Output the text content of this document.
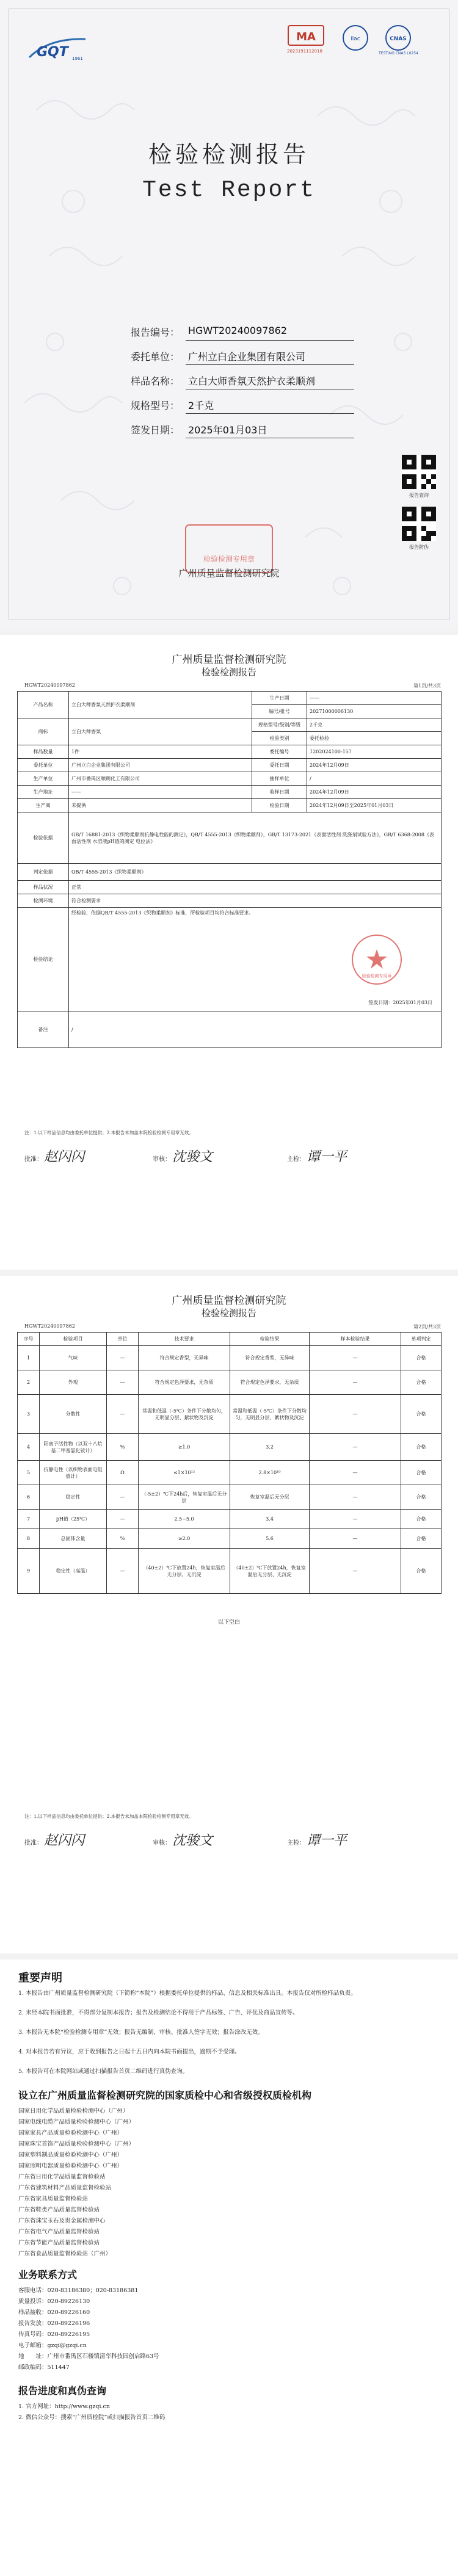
GQT 1961
MA	ilac	CNAS
2023191112018	TESTING CNAS L0254
检验检测报告
Test Report
报告编号： HGWT20240097862
委托单位： 广州立白企业集团有限公司
样品名称： 立白大师香氛天然护衣柔顺剂
规格型号： 2千克
签发日期： 2025年01月03日
报告查询
报告防伪
检验检测专用章
广州质量监督检测研究院
广州质量监督检测研究院
检验检测报告
HGWT20240097862	第1页/共3页
产品名称	立白大师香氛天然护衣柔顺剂	生产日期	——
		编号/批号	20271000006130
商标	立白大师香氛	规格型号/级别/等级	2千克
		检验类别	委托检验
样品数量	1件	委托编号	1202024100-157
委托单位	广州立白企业集团有限公司	委托日期	2024年12月09日
生产单位	广州市番禺区顺朗化工有限公司	抽样单位	/
生产地址	——	收样日期	2024年12月09日
生产商	未提供	检验日期	2024年12月09日至2025年01月03日
检验依据	GB/T 16881-2013《织物柔顺剂抗静电性能的测定》，QB/T 4555-2013《织物柔顺剂》，GB/T 13173-2021《表面活性剂 洗涤剂试验方法》，GB/T 6368-2008《表面活性剂 水溶液pH值的测定 电位法》		
判定依据	QB/T 4555-2013《织物柔顺剂》		
样品状况	正常		
检测环境	符合检测要求		
检验结论	经检验，依据QB/T 4555-2013《织物柔顺剂》标准，所检验项目均符合标准要求。
检验检测专用章
签发日期：2025年01月03日		

备注	/		
注：1.以下样品信息均由委托单位提供；2.本报告未加盖本院检验检测专用章无效。
批准： 赵闪闪	审核： 沈骏文	主检： 谭一平
广州质量监督检测研究院
检验检测报告
HGWT20240097862	第2页/共3页
序号	检验项目	单位	技术要求	检验结果	样本检验结果	单项判定
1	气味	—	符合规定香型，无异味	符合规定香型，无异味	—	合格
2	外观	—	符合规定色泽要求，无杂质	符合规定色泽要求，无杂质	—	合格
3	分散性	—	常温和低温（-5℃）条件下分散均匀，无明显分层、絮状物及沉淀	常温和低温（-5℃）条件下分散均匀，无明显分层、絮状物及沉淀	—	合格
4	阳离子活性物（以双十八烷基二甲基氯化铵计）	%	≥1.0	3.2	—	合格
5	抗静电性（以织物表面电阻值计）	Ω	≤1×10¹²	2.8×10¹⁰	—	合格
6	稳定性	—	（-5±2）℃下24h后，恢复室温后无分层	恢复室温后无分层	—	合格
7	pH值（25℃）	—	2.5~5.0	3.4	—	合格
8	总固体含量	%	≥2.0	5.6	—	合格
9	稳定性（高温）	—	（40±2）℃下放置24h，恢复室温后无分层、无沉淀	（40±2）℃下放置24h，恢复室温后无分层、无沉淀	—	合格
以下空白
注：1.以下样品信息均由委托单位提供；2.本报告未加盖本院检验检测专用章无效。
批准： 赵闪闪	审核： 沈骏文	主检： 谭一平
重要声明
1. 本报告由广州质量监督检测研究院（下简称“本院”）根据委托单位提供的样品、信息及相关标准出具。本报告仅对所检样品负责。
2. 未经本院书面批准，不得部分复制本报告；报告及检测结论不得用于产品标签、广告、评优及商品宣传等。
3. 本报告无本院“检验检测专用章”无效；报告无编制、审核、批准人签字无效；报告涂改无效。
4. 对本报告若有异议，应于收到报告之日起十五日内向本院书面提出，逾期不予受理。
5. 本报告可在本院网站或通过扫描报告首页二维码进行真伪查询。
设立在广州质量监督检测研究院的国家质检中心和省级授权质检机构
国家日用化学品质量检验检测中心（广州）
国家电线电缆产品质量检验检测中心（广州）
国家家具产品质量检验检测中心（广州）
国家珠宝首饰产品质量检验检测中心（广州）
国家塑料制品质量检验检测中心（广州）
国家照明电器质量检验检测中心（广州）
广东省日用化学品质量监督检验站
广东省建筑材料产品质量监督检验站
广东省家具质量监督检验站
广东省鞋类产品质量监督检验站
广东省珠宝玉石及贵金属检测中心
广东省电气产品质量监督检验站
广东省节能产品质量监督检验站
广东省食品质量监督检验站（广州）
业务联系方式
客服电话：020-83186380；020-83186381
质量投诉：020-89226130
样品接收：020-89226160
报告发放：020-89226196
传真号码：020-89226195
电子邮箱：gzqi@gzqi.cn
地　　址：广州市番禺区石楼镇清华科技园创启路63号
邮政编码：511447
报告进度和真伪查询
1. 官方网址：http://www.gzqi.cn
2. 微信公众号：搜索“广州质检院”或扫描报告首页二维码
